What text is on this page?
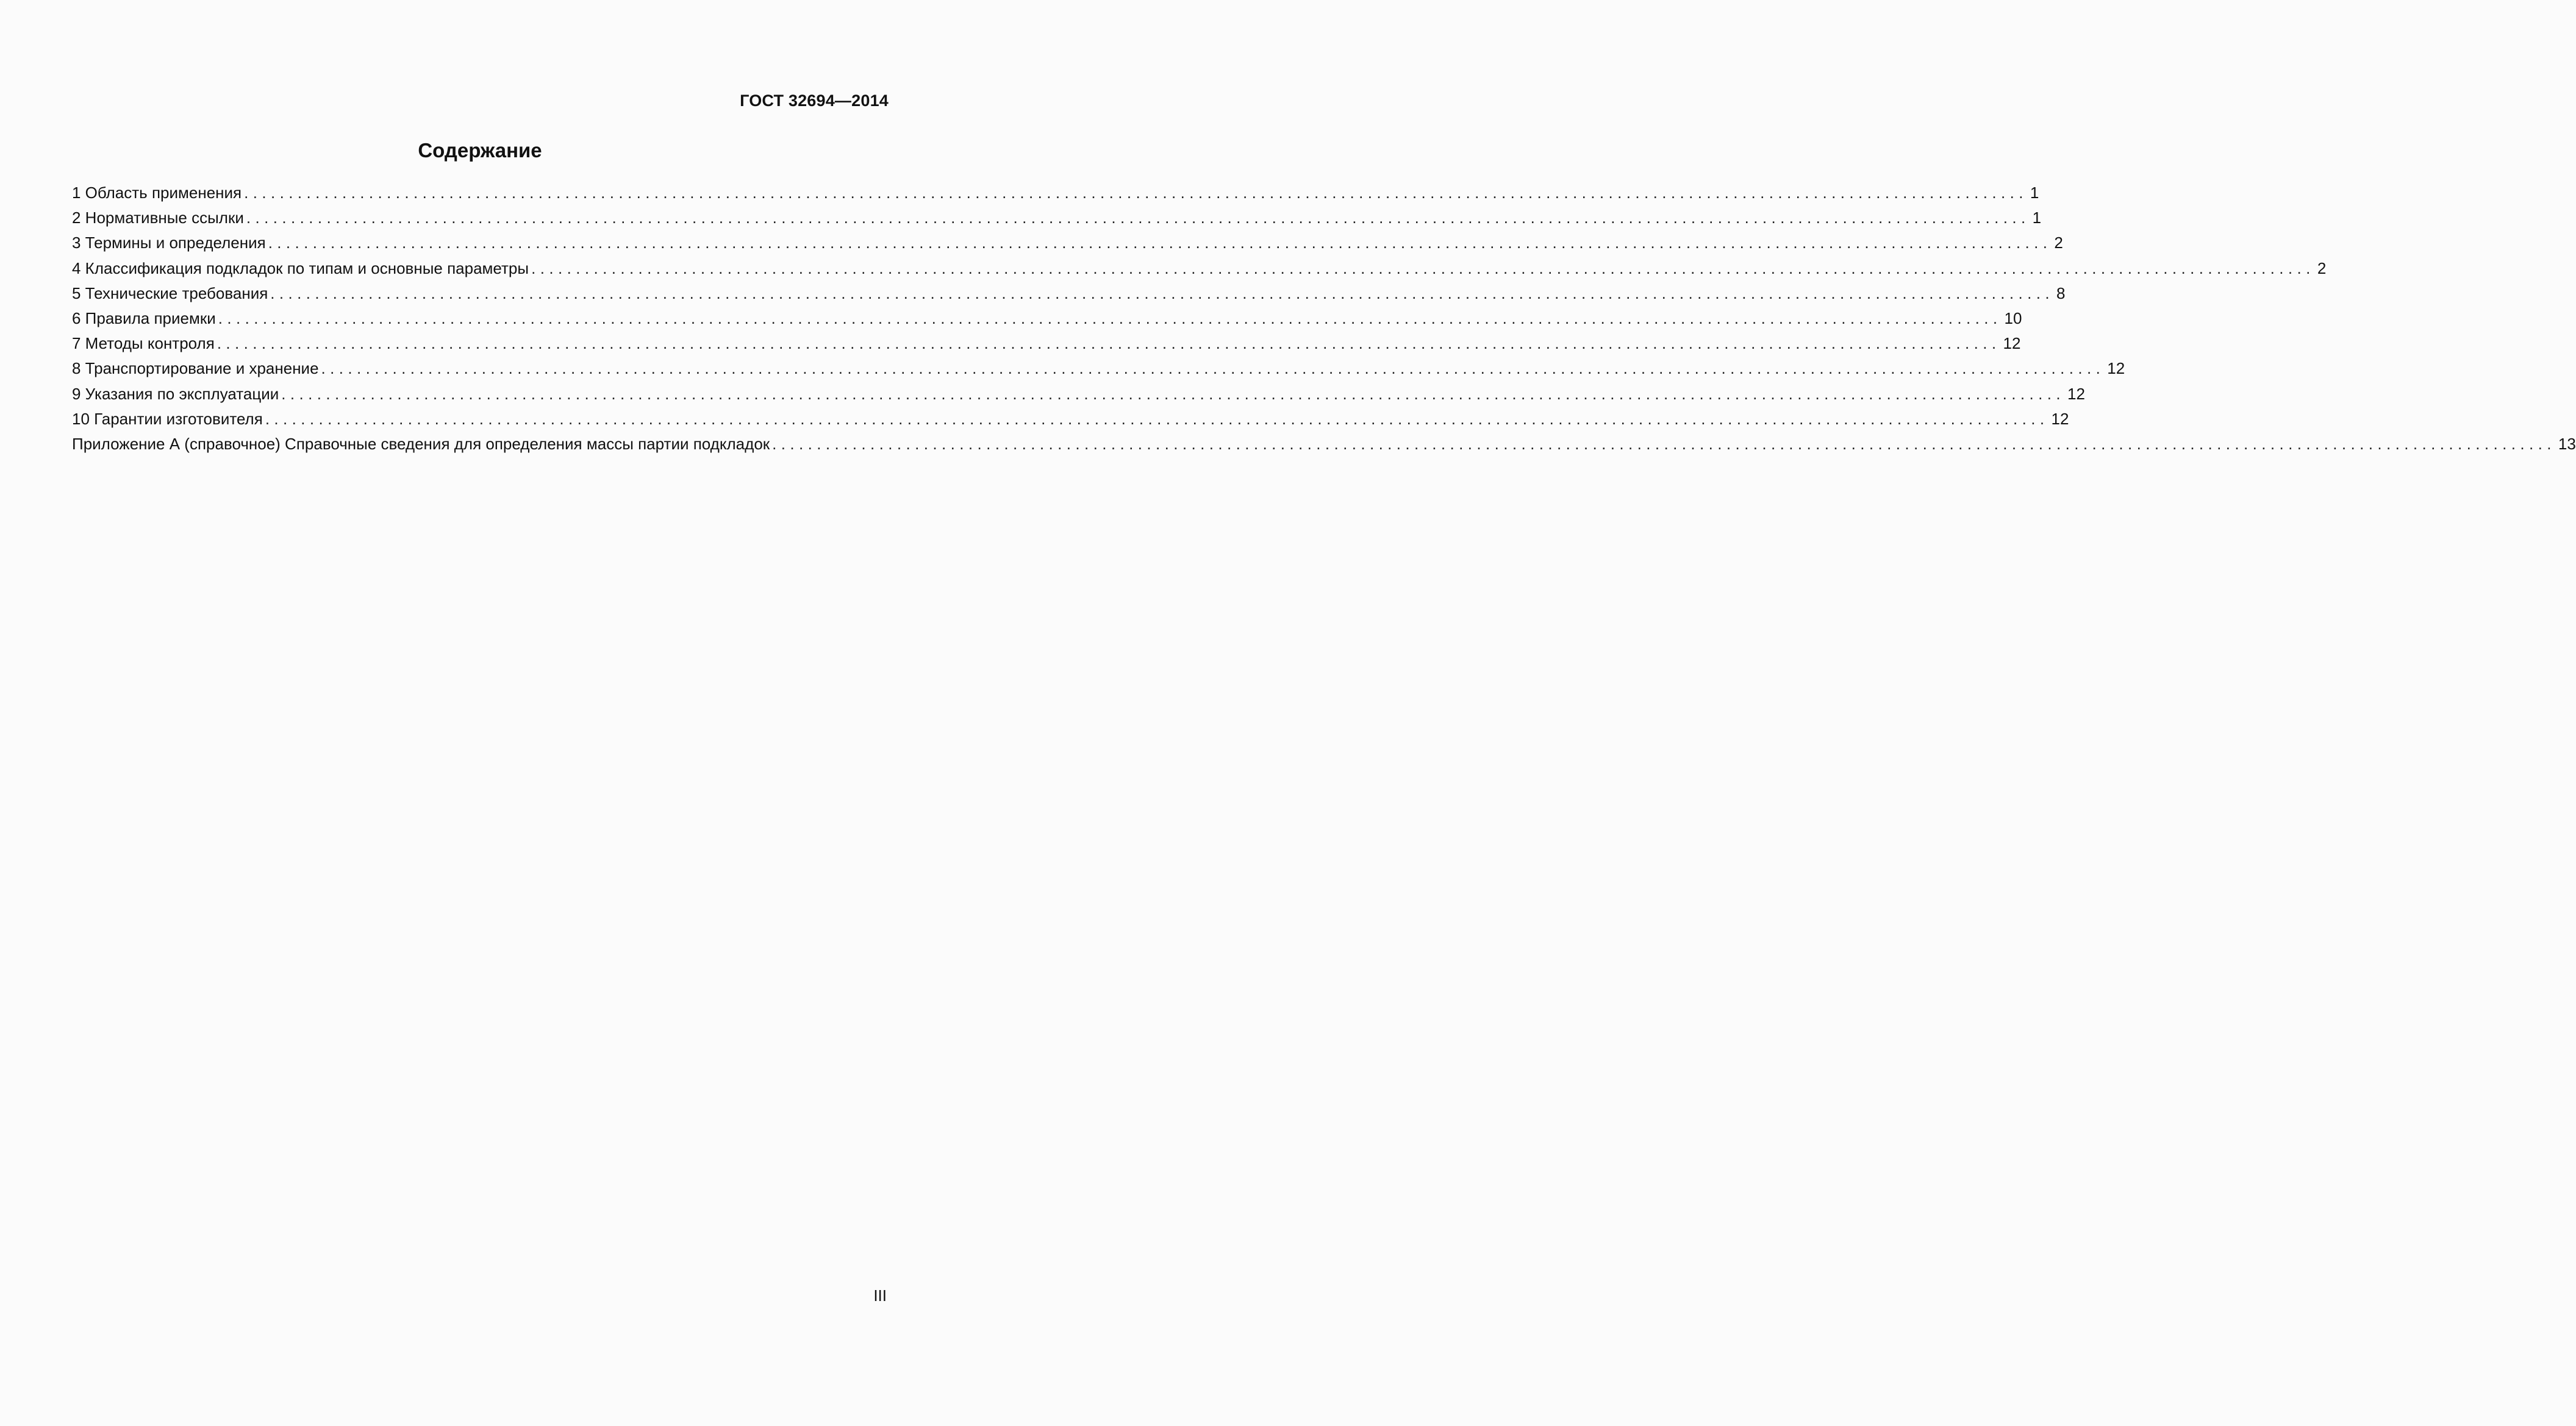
ГОСТ 32694—2014
Содержание
1 Область применения ........................................................................................................................................................................................................ 1
2 Нормативные ссылки ........................................................................................................................................................................................................ 1
3 Термины и определения ........................................................................................................................................................................................................ 2
4 Классификация подкладок по типам и основные параметры ........................................................................................................................................................................................................ 2
5 Технические требования ........................................................................................................................................................................................................ 8
6 Правила приемки ........................................................................................................................................................................................................ 10
7 Методы контроля ........................................................................................................................................................................................................ 12
8 Транспортирование и хранение ........................................................................................................................................................................................................ 12
9 Указания по эксплуатации ........................................................................................................................................................................................................ 12
10 Гарантии изготовителя ........................................................................................................................................................................................................ 12
Приложение А (справочное) Справочные сведения для определения массы партии подкладок ........................................................................................................................................................................................................ 13
III
